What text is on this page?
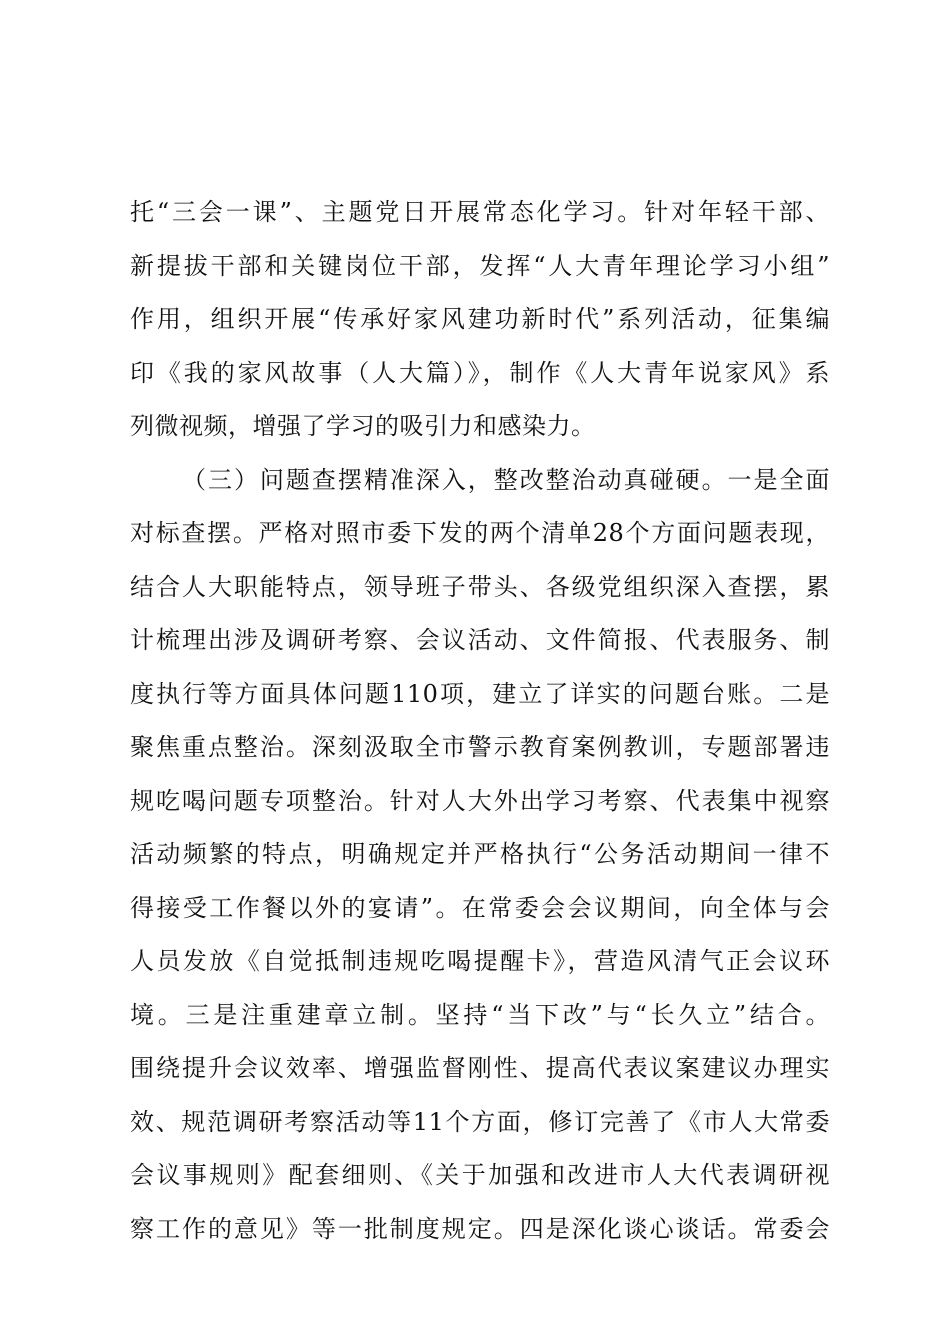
托“三会一课”、主题党日开展常态化学习。针对年轻干部、
新提拔干部和关键岗位干部，发挥“人大青年理论学习小组”
作用，组织开展“传承好家风建功新时代”系列活动，征集编
印《我的家风故事（人大篇）》，制作《人大青年说家风》系
列微视频，增强了学习的吸引力和感染力。
（三）问题查摆精准深入，整改整治动真碰硬。一是全面
对标查摆。严格对照市委下发的两个清单28个方面问题表现，
结合人大职能特点，领导班子带头、各级党组织深入查摆，累
计梳理出涉及调研考察、会议活动、文件简报、代表服务、制
度执行等方面具体问题110项，建立了详实的问题台账。二是
聚焦重点整治。深刻汲取全市警示教育案例教训，专题部署违
规吃喝问题专项整治。针对人大外出学习考察、代表集中视察
活动频繁的特点，明确规定并严格执行“公务活动期间一律不
得接受工作餐以外的宴请”。在常委会会议期间，向全体与会
人员发放《自觉抵制违规吃喝提醒卡》，营造风清气正会议环
境。三是注重建章立制。坚持“当下改”与“长久立”结合。
围绕提升会议效率、增强监督刚性、提高代表议案建议办理实
效、规范调研考察活动等11个方面，修订完善了《市人大常委
会议事规则》配套细则、《关于加强和改进市人大代表调研视
察工作的意见》等一批制度规定。四是深化谈心谈话。常委会
